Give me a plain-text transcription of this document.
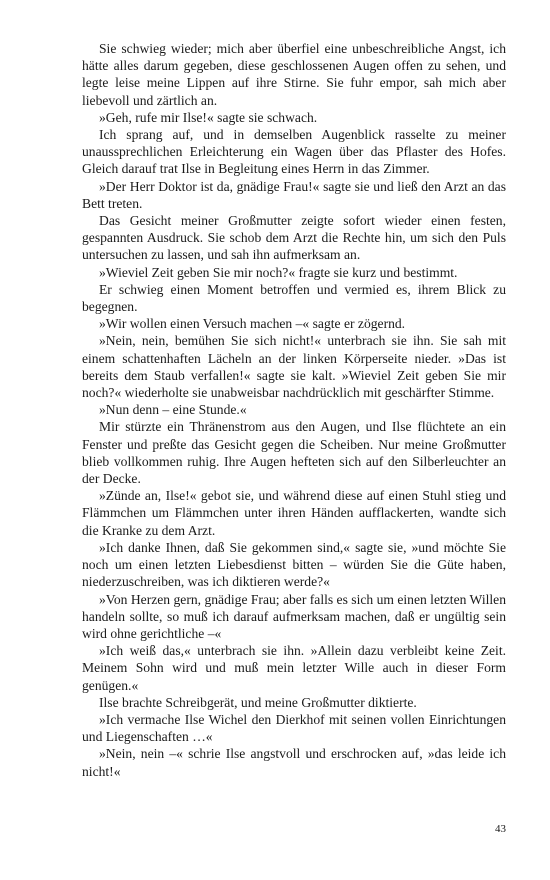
Sie schwieg wieder; mich aber überfiel eine unbeschreibliche Angst, ich hätte alles darum gegeben, diese geschlossenen Augen offen zu sehen, und legte leise meine Lippen auf ihre Stirne. Sie fuhr empor, sah mich aber liebevoll und zärtlich an.

»Geh, rufe mir Ilse!« sagte sie schwach.

Ich sprang auf, und in demselben Augenblick rasselte zu meiner unaussprechlichen Erleichterung ein Wagen über das Pflaster des Hofes. Gleich darauf trat Ilse in Begleitung eines Herrn in das Zimmer.

»Der Herr Doktor ist da, gnädige Frau!« sagte sie und ließ den Arzt an das Bett treten.

Das Gesicht meiner Großmutter zeigte sofort wieder einen festen, gespannten Ausdruck. Sie schob dem Arzt die Rechte hin, um sich den Puls untersuchen zu lassen, und sah ihn aufmerksam an.

»Wieviel Zeit geben Sie mir noch?« fragte sie kurz und bestimmt.

Er schwieg einen Moment betroffen und vermied es, ihrem Blick zu begegnen.

»Wir wollen einen Versuch machen –« sagte er zögernd.

»Nein, nein, bemühen Sie sich nicht!« unterbrach sie ihn. Sie sah mit einem schattenhaften Lächeln an der linken Körperseite nieder. »Das ist bereits dem Staub verfallen!« sagte sie kalt. »Wieviel Zeit geben Sie mir noch?« wiederholte sie unabweisbar nachdrücklich mit geschärfter Stimme.

»Nun denn – eine Stunde.«

Mir stürzte ein Thränenstrom aus den Augen, und Ilse flüchtete an ein Fenster und preßte das Gesicht gegen die Scheiben. Nur meine Großmutter blieb vollkommen ruhig. Ihre Augen hefteten sich auf den Silberleuchter an der Decke.

»Zünde an, Ilse!« gebot sie, und während diese auf einen Stuhl stieg und Flämmchen um Flämmchen unter ihren Händen aufflackerten, wandte sich die Kranke zu dem Arzt.

»Ich danke Ihnen, daß Sie gekommen sind,« sagte sie, »und möchte Sie noch um einen letzten Liebesdienst bitten – würden Sie die Güte haben, niederzuschreiben, was ich diktieren werde?«

»Von Herzen gern, gnädige Frau; aber falls es sich um einen letzten Willen handeln sollte, so muß ich darauf aufmerksam machen, daß er ungültig sein wird ohne gerichtliche –«

»Ich weiß das,« unterbrach sie ihn. »Allein dazu verbleibt keine Zeit. Meinem Sohn wird und muß mein letzter Wille auch in dieser Form genügen.«

Ilse brachte Schreibgerät, und meine Großmutter diktierte.

»Ich vermache Ilse Wichel den Dierkhof mit seinen vollen Einrichtungen und Liegenschaften …«

»Nein, nein –« schrie Ilse angstvoll und erschrocken auf, »das leide ich nicht!«

43
